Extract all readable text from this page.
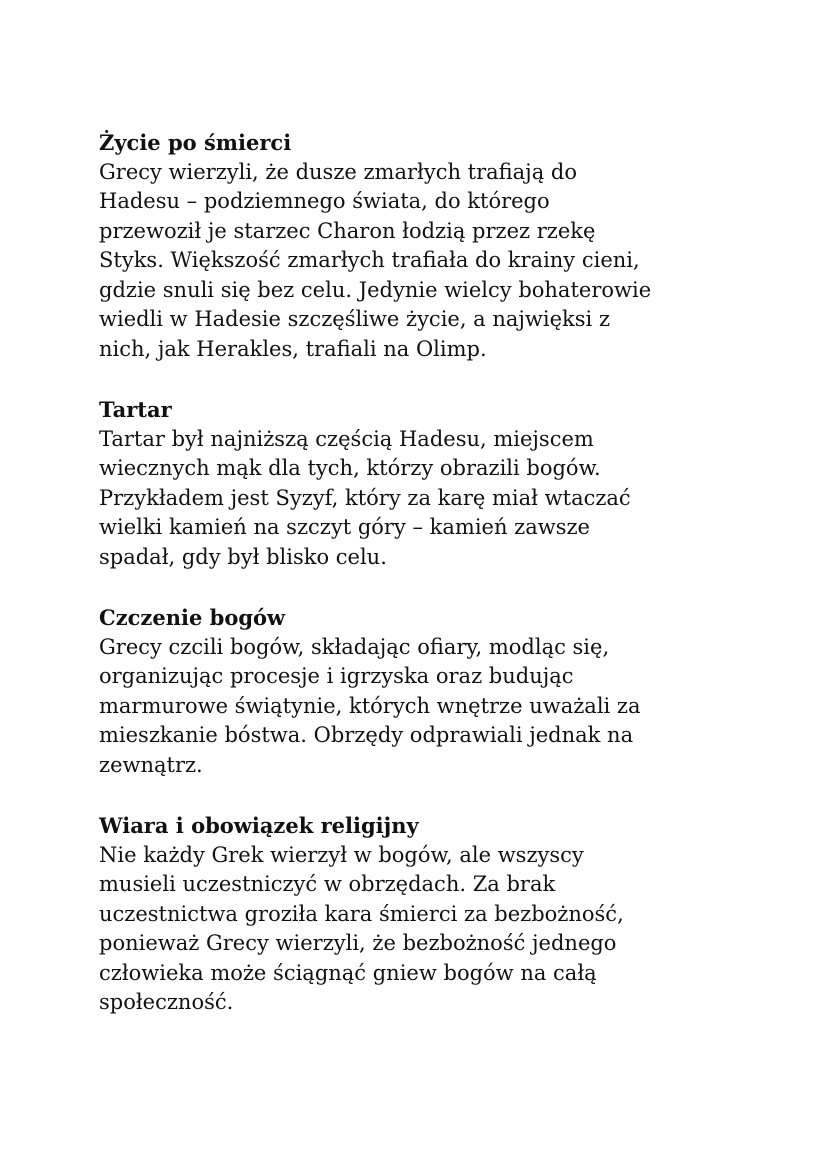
Życie po śmierci

Grecy wierzyli, że dusze zmarłych trafiają do

Hadesu – podziemnego świata, do którego

przewoził je starzec Charon łodzią przez rzekę

Styks. Większość zmarłych trafiała do krainy cieni,

gdzie snuli się bez celu. Jedynie wielcy bohaterowie

wiedli w Hadesie szczęśliwe życie, a najwięksi z

nich, jak Herakles, trafiali na Olimp.

Tartar

Tartar był najniższą częścią Hadesu, miejscem

wiecznych mąk dla tych, którzy obrazili bogów.

Przykładem jest Syzyf, który za karę miał wtaczać

wielki kamień na szczyt góry – kamień zawsze

spadał, gdy był blisko celu.

Czczenie bogów

Grecy czcili bogów, składając ofiary, modląc się,

organizując procesje i igrzyska oraz budując

marmurowe świątynie, których wnętrze uważali za

mieszkanie bóstwa. Obrzędy odprawiali jednak na

zewnątrz.

Wiara i obowiązek religijny

Nie każdy Grek wierzył w bogów, ale wszyscy

musieli uczestniczyć w obrzędach. Za brak

uczestnictwa groziła kara śmierci za bezbożność,

ponieważ Grecy wierzyli, że bezbożność jednego

człowieka może ściągnąć gniew bogów na całą

społeczność.
